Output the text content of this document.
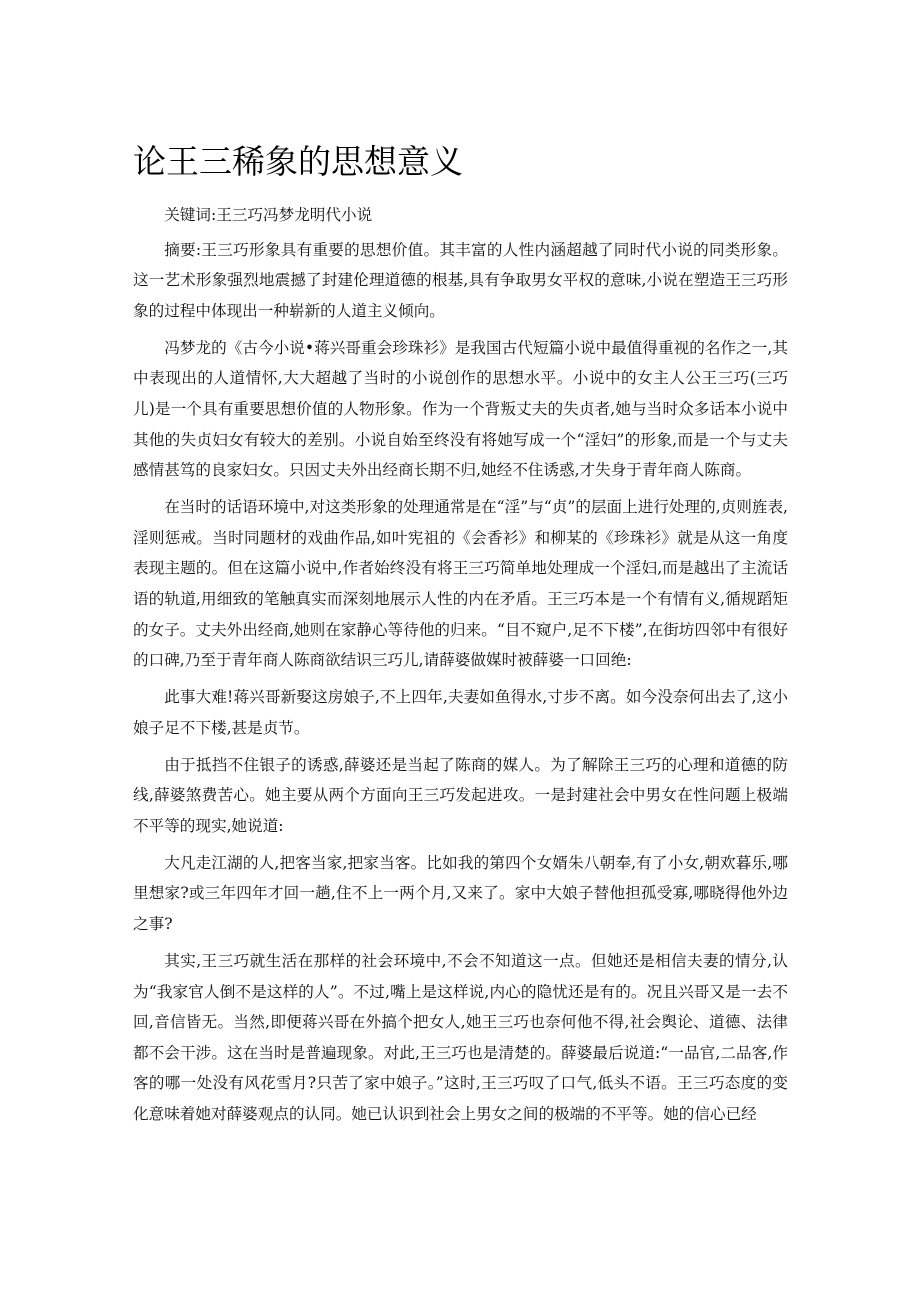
论王三稀象的思想意义

关键词:王三巧冯梦龙明代小说

摘要:王三巧形象具有重要的思想价值。其丰富的人性内涵超越了同时代小说的同类形象。这一艺术形象强烈地震撼了封建伦理道德的根基,具有争取男女平权的意味,小说在塑造王三巧形象的过程中体现出一种崭新的人道主义倾向。

冯梦龙的《古今小说•蒋兴哥重会珍珠衫》是我国古代短篇小说中最值得重视的名作之一,其中表现出的人道情怀,大大超越了当时的小说创作的思想水平。小说中的女主人公王三巧(三巧儿)是一个具有重要思想价值的人物形象。作为一个背叛丈夫的失贞者,她与当时众多话本小说中其他的失贞妇女有较大的差别。小说自始至终没有将她写成一个“淫妇”的形象,而是一个与丈夫感情甚笃的良家妇女。只因丈夫外出经商长期不归,她经不住诱惑,才失身于青年商人陈商。

在当时的话语环境中,对这类形象的处理通常是在“淫”与“贞”的层面上进行处理的,贞则旌表,淫则惩戒。当时同题材的戏曲作品,如叶宪祖的《会香衫》和柳某的《珍珠衫》就是从这一角度表现主题的。但在这篇小说中,作者始终没有将王三巧简单地处理成一个淫妇,而是越出了主流话语的轨道,用细致的笔触真实而深刻地展示人性的内在矛盾。王三巧本是一个有情有义,循规蹈矩的女子。丈夫外出经商,她则在家静心等待他的归来。“目不窥户,足不下楼”,在街坊四邻中有很好的口碑,乃至于青年商人陈商欲结识三巧儿,请薛婆做媒时被薛婆一口回绝:

此事大难!蒋兴哥新娶这房娘子,不上四年,夫妻如鱼得水,寸步不离。如今没奈何出去了,这小娘子足不下楼,甚是贞节。

由于抵挡不住银子的诱惑,薛婆还是当起了陈商的媒人。为了解除王三巧的心理和道德的防线,薛婆煞费苦心。她主要从两个方面向王三巧发起进攻。一是封建社会中男女在性问题上极端不平等的现实,她说道:

大凡走江湖的人,把客当家,把家当客。比如我的第四个女婿朱八朝奉,有了小女,朝欢暮乐,哪里想家?或三年四年才回一趟,住不上一两个月,又来了。家中大娘子替他担孤受寡,哪晓得他外边之事?

其实,王三巧就生活在那样的社会环境中,不会不知道这一点。但她还是相信夫妻的情分,认为“我家官人倒不是这样的人”。不过,嘴上是这样说,内心的隐忧还是有的。况且兴哥又是一去不回,音信皆无。当然,即便蒋兴哥在外搞个把女人,她王三巧也奈何他不得,社会舆论、道德、法律都不会干涉。这在当时是普遍现象。对此,王三巧也是清楚的。薛婆最后说道:“一品官,二品客,作客的哪一处没有风花雪月?只苦了家中娘子。”这时,王三巧叹了口气,低头不语。王三巧态度的变化意味着她对薛婆观点的认同。她已认识到社会上男女之间的极端的不平等。她的信心已经
